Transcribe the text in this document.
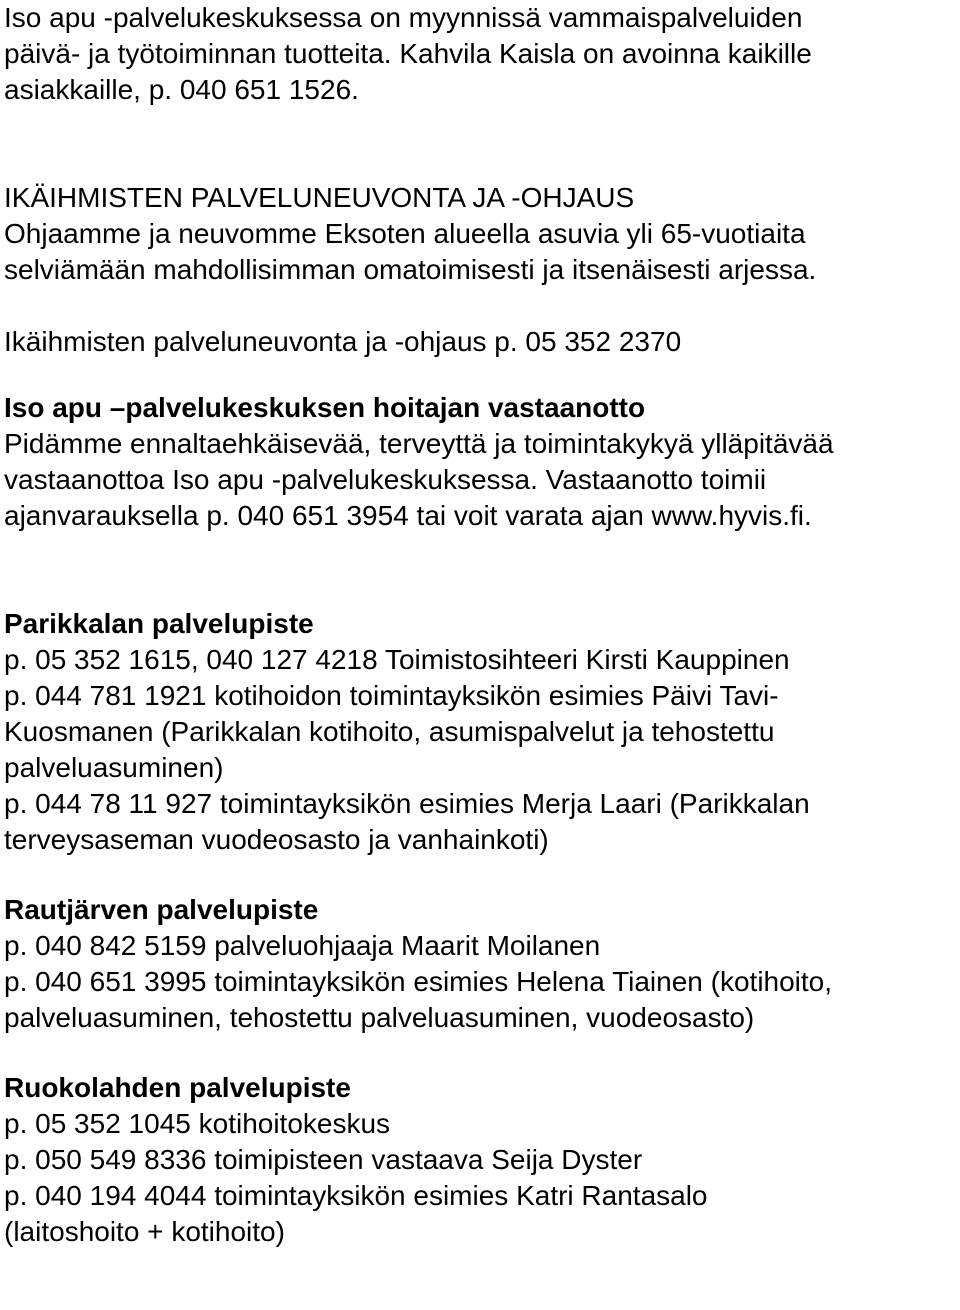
Iso apu -palvelukeskuksessa on myynnissä vammaispalveluiden
päivä- ja työtoiminnan tuotteita. Kahvila Kaisla on avoinna kaikille
asiakkaille, p. 040 651 1526.
IKÄIHMISTEN PALVELUNEUVONTA JA -OHJAUS
Ohjaamme ja neuvomme Eksoten alueella asuvia yli 65-vuotiaita
selviämään mahdollisimman omatoimisesti ja itsenäisesti arjessa.
Ikäihmisten palveluneuvonta ja -ohjaus p. 05 352 2370
Iso apu –palvelukeskuksen hoitajan vastaanotto
Pidämme ennaltaehkäisevää, terveyttä ja toimintakykyä ylläpitävää
vastaanottoa Iso apu -palvelukeskuksessa. Vastaanotto toimii
ajanvarauksella p. 040 651 3954 tai voit varata ajan www.hyvis.fi.
Parikkalan palvelupiste
p. 05 352 1615, 040 127 4218 Toimistosihteeri Kirsti Kauppinen
p. 044 781 1921 kotihoidon toimintayksikön esimies Päivi Tavi-
Kuosmanen (Parikkalan kotihoito, asumispalvelut ja tehostettu
palveluasuminen)
p. 044 78 11 927 toimintayksikön esimies Merja Laari (Parikkalan
terveysaseman vuodeosasto ja vanhainkoti)
Rautjärven palvelupiste
p. 040 842 5159 palveluohjaaja Maarit Moilanen
p. 040 651 3995 toimintayksikön esimies Helena Tiainen (kotihoito,
palveluasuminen, tehostettu palveluasuminen, vuodeosasto)
Ruokolahden palvelupiste
p. 05 352 1045 kotihoitokeskus
p. 050 549 8336 toimipisteen vastaava Seija Dyster
p. 040 194 4044 toimintayksikön esimies Katri Rantasalo
(laitoshoito + kotihoito)
